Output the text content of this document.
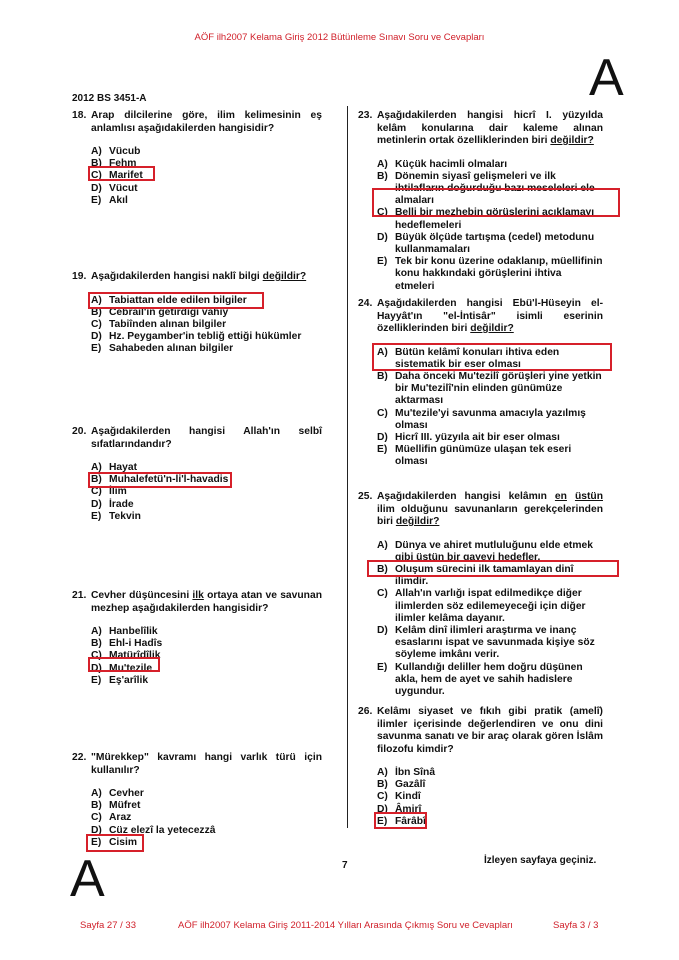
AÖF ilh2007 Kelama Giriş 2012 Bütünleme Sınavı Soru ve Cevapları
A
2012 BS 3451-A
18. Arap dilcilerine göre, ilim kelimesinin eş anlamlısı aşağıdakilerden hangisidir?
A) Vücub
B) Fehm
C) Marifet
D) Vücut
E) Akıl
19. Aşağıdakilerden hangisi naklî bilgi değildir?
A) Tabiattan elde edilen bilgiler
B) Cebrail'in getirdiği vahiy
C) Tabiînden alınan bilgiler
D) Hz. Peygamber'in tebliğ ettiği hükümler
E) Sahabeden alınan bilgiler
20. Aşağıdakilerden hangisi Allah'ın selbî sıfatlarındandır?
A) Hayat
B) Muhalefetü'n-li'l-havadis
C) İlim
D) İrade
E) Tekvin
21. Cevher düşüncesini ilk ortaya atan ve savunan mezhep aşağıdakilerden hangisidir?
A) Hanbelîlik
B) Ehl-i Hadîs
C) Matürîdîlik
D) Mu'tezile
E) Eş'arîlik
22. "Mürekkep" kavramı hangi varlık türü için kullanılır?
A) Cevher
B) Müfret
C) Araz
D) Cüz elezî la yetecezzâ
E) Cisim
23. Aşağıdakilerden hangisi hicrî I. yüzyılda kelâm konularına dair kaleme alınan metinlerin ortak özelliklerinden biri değildir?
A) Küçük hacimli olmaları
B) Dönemin siyasî gelişmeleri ve ilk ihtilafların doğurduğu bazı meseleleri ele almaları
C) Belli bir mezhebin görüşlerini açıklamayı hedeflemeleri
D) Büyük ölçüde tartışma (cedel) metodunu kullanmamaları
E) Tek bir konu üzerine odaklanıp, müellifinin konu hakkındaki görüşlerini ihtiva etmeleri
24. Aşağıdakilerden hangisi Ebü'l-Hüseyin el-Hayyât'ın "el-İntisâr" isimli eserinin özelliklerinden biri değildir?
A) Bütün kelâmî konuları ihtiva eden sistematik bir eser olması
B) Daha önceki Mu'tezilî görüşleri yine yetkin bir Mu'tezilî'nin elinden günümüze aktarması
C) Mu'tezile'yi savunma amacıyla yazılmış olması
D) Hicrî III. yüzyıla ait bir eser olması
E) Müellifin günümüze ulaşan tek eseri olması
25. Aşağıdakilerden hangisi kelâmın en üstün ilim olduğunu savunanların gerekçelerinden biri değildir?
A) Dünya ve ahiret mutluluğunu elde etmek gibi üstün bir gayeyi hedefler.
B) Oluşum sürecini ilk tamamlayan dinî ilimdir.
C) Allah'ın varlığı ispat edilmedikçe diğer ilimlerden söz edilemeyeceği için diğer ilimler kelâma dayanır.
D) Kelâm dinî ilimleri araştırma ve inanç esaslarını ispat ve savunmada kişiye söz söyleme imkânı verir.
E) Kullandığı deliller hem doğru düşünen akla, hem de ayet ve sahih hadislere uygundur.
26. Kelâmı siyaset ve fıkıh gibi pratik (amelî) ilimler içerisinde değerlendiren ve onu dini savunma sanatı ve bir araç olarak gören İslâm filozofu kimdir?
A) İbn Sînâ
B) Gazâlî
C) Kindî
D) Âmirî
E) Fârâbî
7	İzleyen sayfaya geçiniz.
A
Sayfa 27 / 33	AÖF ilh2007 Kelama Giriş 2011-2014 Yılları Arasında Çıkmış Soru ve Cevapları	Sayfa 3 / 3
